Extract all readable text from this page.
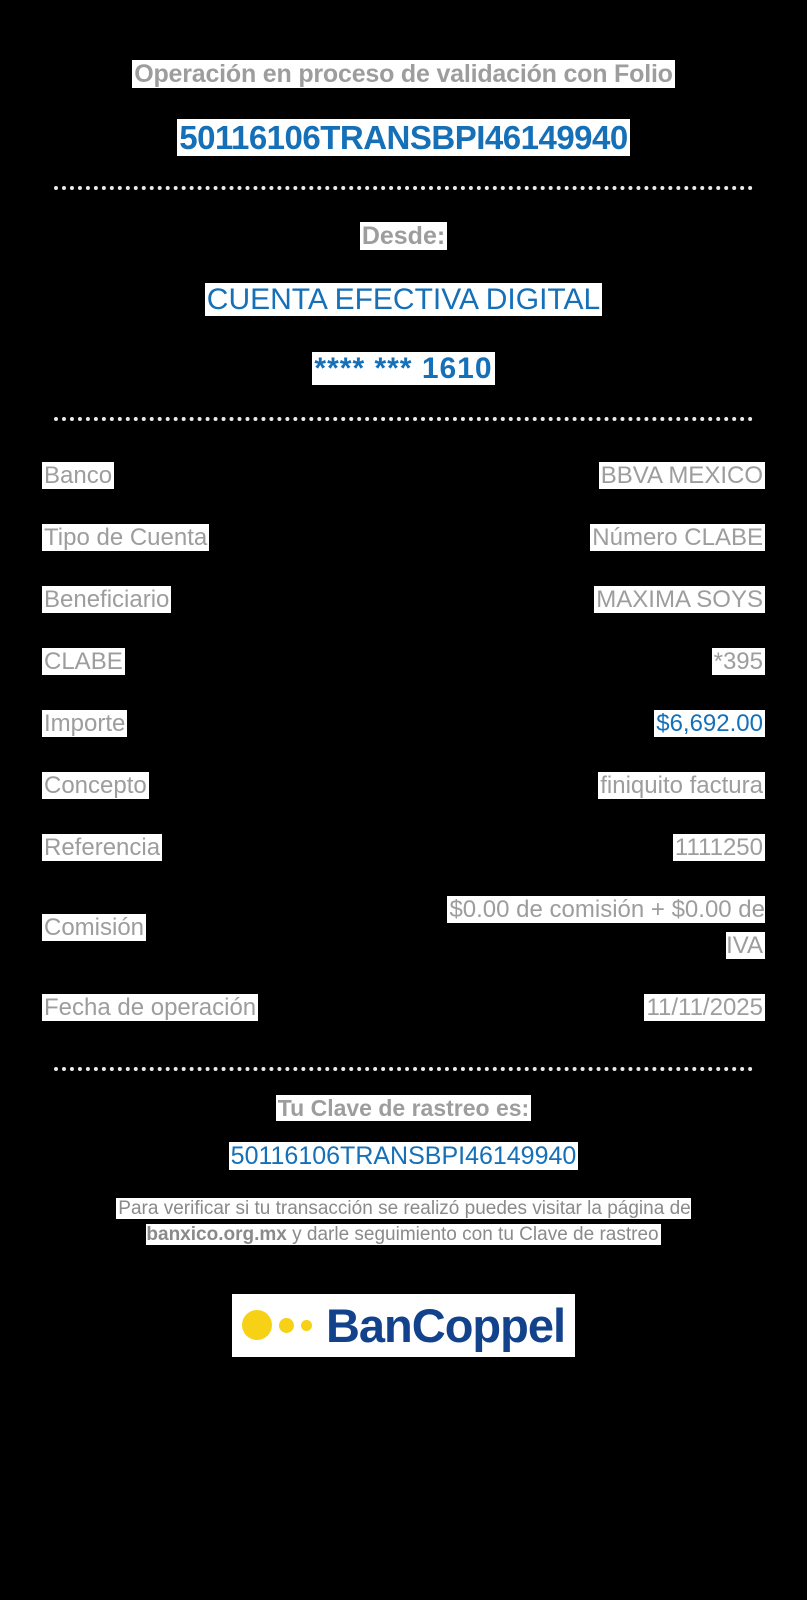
Operación en proceso de validación con Folio
50116106TRANSBPI46149940
Desde:
CUENTA EFECTIVA DIGITAL
**** *** 1610
Banco	BBVA MEXICO
Tipo de Cuenta	Número CLABE
Beneficiario	MAXIMA SOYS
CLABE	*395
Importe	$6,692.00
Concepto	finiquito factura
Referencia	1111250
Comisión	$0.00 de comisión + $0.00 de IVA
Fecha de operación	11/11/2025
Tu Clave de rastreo es:
50116106TRANSBPI46149940
Para verificar si tu transacción se realizó puedes visitar la página de banxico.org.mx y darle seguimiento con tu Clave de rastreo
BanCoppel
